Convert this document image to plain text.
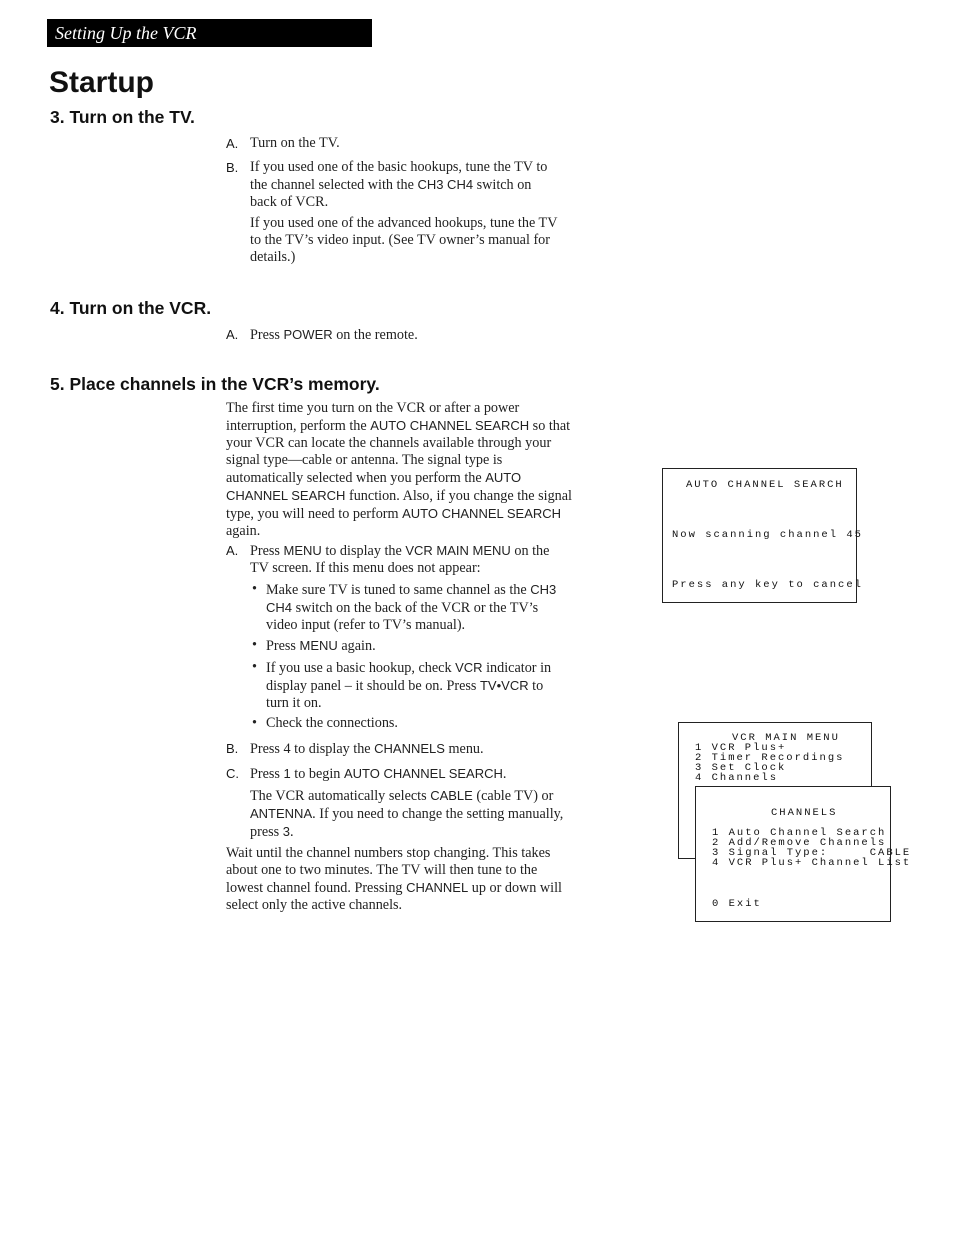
Setting Up the VCR
Startup
3. Turn on the TV.
A. Turn on the TV.
B. If you used one of the basic hookups, tune the TV to the channel selected with the CH3 CH4 switch on back of VCR.
If you used one of the advanced hookups, tune the TV to the TV’s video input. (See TV owner’s manual for details.)
4. Turn on the VCR.
A. Press POWER on the remote.
5. Place channels in the VCR’s memory.
The first time you turn on the VCR or after a power interruption, perform the AUTO CHANNEL SEARCH so that your VCR can locate the channels available through your signal type—cable or antenna. The signal type is automatically selected when you perform the AUTO CHANNEL SEARCH function. Also, if you change the signal type, you will need to perform AUTO CHANNEL SEARCH again.
A. Press MENU to display the VCR MAIN MENU on the TV screen. If this menu does not appear:
• Make sure TV is tuned to same channel as the CH3 CH4 switch on the back of the VCR or the TV’s video input (refer to TV’s manual).
• Press MENU again.
• If you use a basic hookup, check VCR indicator in display panel – it should be on. Press TV•VCR to turn it on.
• Check the connections.
B. Press 4 to display the CHANNELS menu.
C. Press 1 to begin AUTO CHANNEL SEARCH.
The VCR automatically selects CABLE (cable TV) or ANTENNA. If you need to change the setting manually, press 3.
Wait until the channel numbers stop changing. This takes about one to two minutes. The TV will then tune to the lowest channel found. Pressing CHANNEL up or down will select only the active channels.
AUTO CHANNEL SEARCH
Now scanning channel 45
Press any key to cancel
VCR MAIN MENU
1 VCR Plus+
2 Timer Recordings
3 Set Clock
4 Channels
CHANNELS
1 Auto Channel Search
2 Add/Remove Channels
3 Signal Type:     CABLE
4 VCR Plus+ Channel List
0 Exit
